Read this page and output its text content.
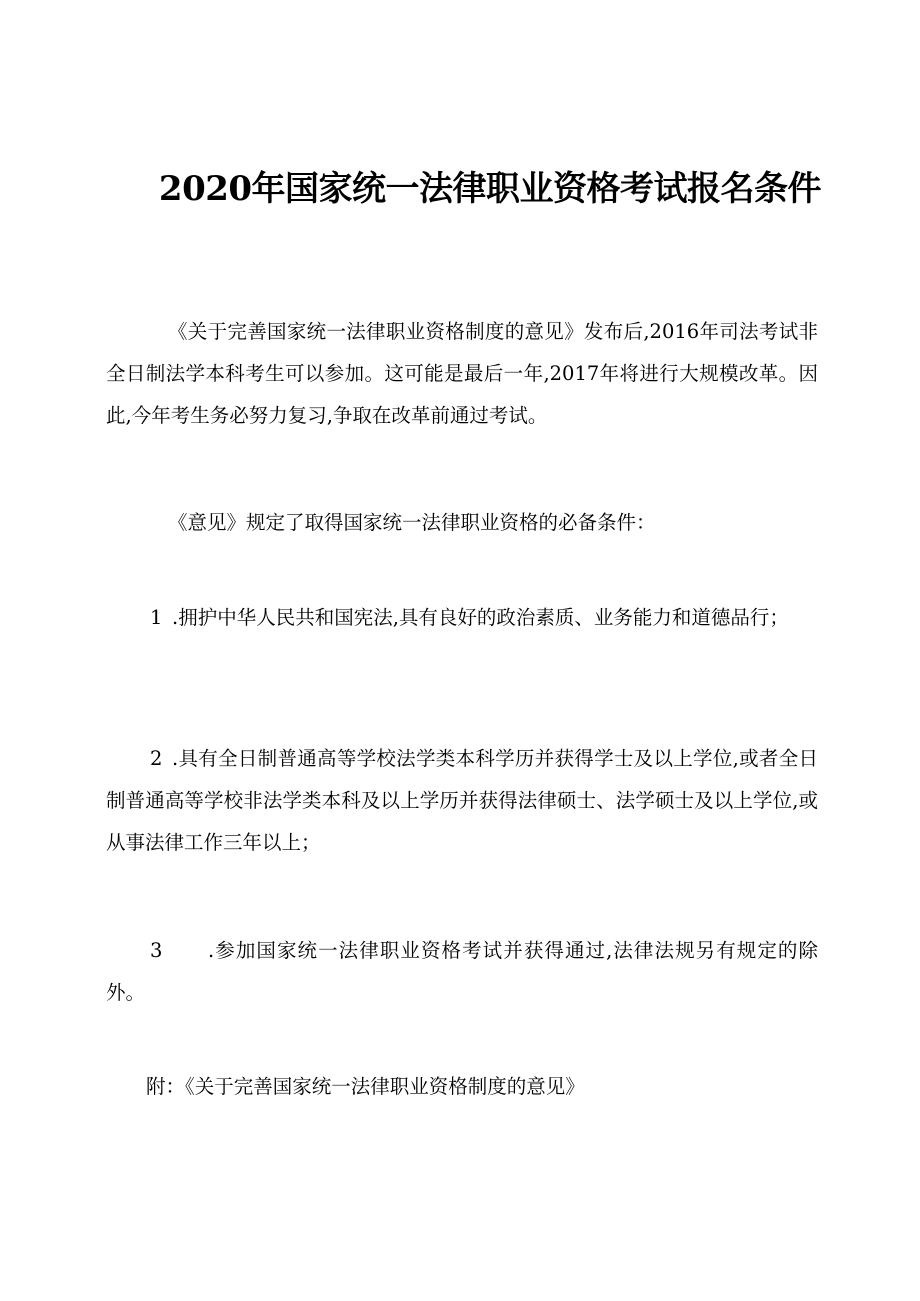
2020年国家统一法律职业资格考试报名条件

《关于完善国家统一法律职业资格制度的意见》发布后,2016年司法考试非全日制法学本科考生可以参加。这可能是最后一年,2017年将进行大规模改革。因此,今年考生务必努力复习,争取在改革前通过考试。

《意见》规定了取得国家统一法律职业资格的必备条件：

1 .拥护中华人民共和国宪法,具有良好的政治素质、业务能力和道德品行；

2 .具有全日制普通高等学校法学类本科学历并获得学士及以上学位,或者全日制普通高等学校非法学类本科及以上学历并获得法律硕士、法学硕士及以上学位,或从事法律工作三年以上；

3 .参加国家统一法律职业资格考试并获得通过,法律法规另有规定的除外。

附：《关于完善国家统一法律职业资格制度的意见》
